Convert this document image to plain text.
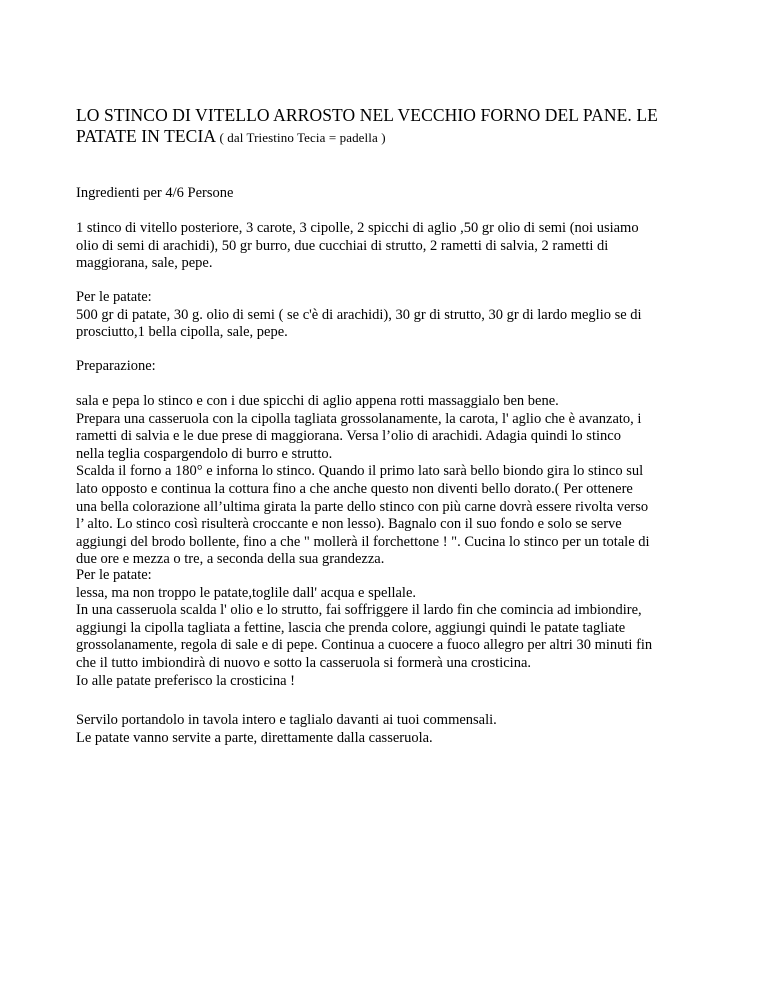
LO STINCO DI VITELLO ARROSTO NEL VECCHIO FORNO DEL PANE. LE
PATATE IN TECIA ( dal Triestino Tecia = padella )

Ingredienti per 4/6 Persone

1 stinco di vitello posteriore, 3 carote, 3 cipolle, 2 spicchi di aglio ,50 gr olio di semi (noi usiamo
olio di semi di arachidi), 50 gr burro, due cucchiai di strutto, 2 rametti di salvia, 2 rametti di
maggiorana, sale, pepe.

Per le patate:
500 gr di patate, 30 g. olio di semi ( se c'è di arachidi), 30 gr di strutto, 30 gr di lardo meglio se di
prosciutto,1 bella cipolla, sale, pepe.

Preparazione:

sala e pepa lo stinco e con i due spicchi di aglio appena rotti massaggialo ben bene.
Prepara una casseruola con la cipolla tagliata grossolanamente, la carota, l' aglio che è avanzato, i
rametti di salvia e le due prese di maggiorana. Versa l’olio di arachidi. Adagia quindi lo stinco
nella teglia cospargendolo di burro e strutto.
Scalda il forno a 180° e inforna lo stinco. Quando il primo lato sarà bello biondo gira lo stinco sul
lato opposto e continua la cottura fino a che anche questo non diventi bello dorato.( Per ottenere
una bella colorazione all’ultima girata la parte dello stinco con più carne dovrà essere rivolta verso
l’ alto. Lo stinco così risulterà croccante e non lesso). Bagnalo con il suo fondo e solo se serve
aggiungi del brodo bollente, fino a che " mollerà il forchettone ! ". Cucina lo stinco per un totale di
due ore e mezza o tre, a seconda della sua grandezza.

Per le patate:
lessa, ma non troppo le patate,toglile dall' acqua e spellale.
In una casseruola scalda l' olio e lo strutto, fai soffriggere il lardo fin che comincia ad imbiondire,
aggiungi la cipolla tagliata a fettine, lascia che prenda colore, aggiungi quindi le patate tagliate
grossolanamente, regola di sale e di pepe. Continua a cuocere a fuoco allegro per altri 30 minuti fin
che il tutto imbiondirà di nuovo e sotto la casseruola si formerà una crosticina.
Io alle patate preferisco la crosticina !

Servilo portandolo in tavola intero e taglialo davanti ai tuoi commensali.
Le patate vanno servite a parte, direttamente dalla casseruola.
